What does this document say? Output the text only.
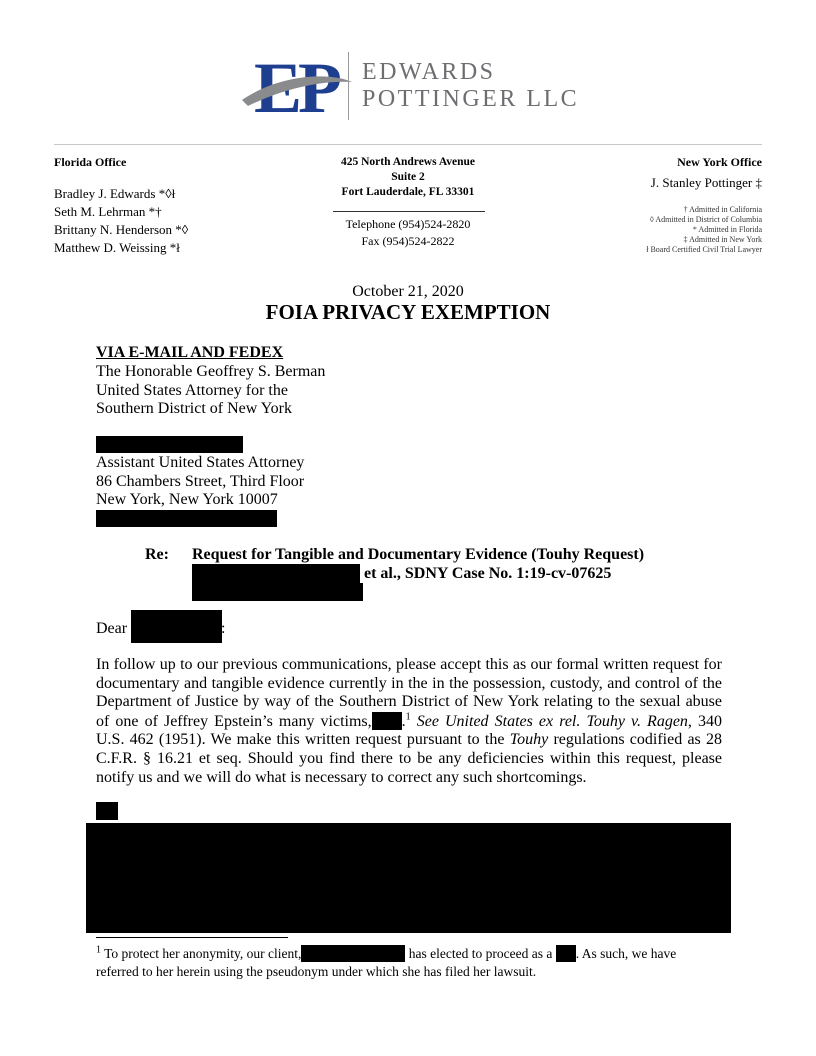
EP EDWARDS
POTTINGER LLC
Florida Office
Bradley J. Edwards *◊ł
Seth M. Lehrman *†
Brittany N. Henderson *◊
Matthew D. Weissing *ł
425 North Andrews Avenue
Suite 2
Fort Lauderdale, FL 33301
Telephone (954)524-2820
Fax (954)524-2822
New York Office
J. Stanley Pottinger ‡
† Admitted in California
◊ Admitted in District of Columbia
* Admitted in Florida
‡ Admitted in New York
ł Board Certified Civil Trial Lawyer
October 21, 2020
FOIA PRIVACY EXEMPTION
VIA E-MAIL AND FEDEX
The Honorable Geoffrey S. Berman
United States Attorney for the
Southern District of New York
Assistant United States Attorney
86 Chambers Street, Third Floor
New York, New York 10007
Re: Request for Tangible and Documentary Evidence (Touhy Request)
et al., SDNY Case No. 1:19-cv-07625
Dear	:
In follow up to our previous communications, please accept this as our formal written request for documentary and tangible evidence currently in the in the possession, custody, and control of the Department of Justice by way of the Southern District of New York relating to the sexual abuse of one of Jeffrey Epstein’s many victims, .$^1$ See United States ex rel. Touhy v. Ragen, 340 U.S. 462 (1951). We make this written request pursuant to the Touhy regulations codified as 28 C.F.R. § 16.21 et seq. Should you find there to be any deficiencies within this request, please notify us and we will do what is necessary to correct any such shortcomings.
$^1$ To protect her anonymity, our client,	has elected to proceed as a . As such, we have referred to her herein using the pseudonym under which she has filed her lawsuit.
